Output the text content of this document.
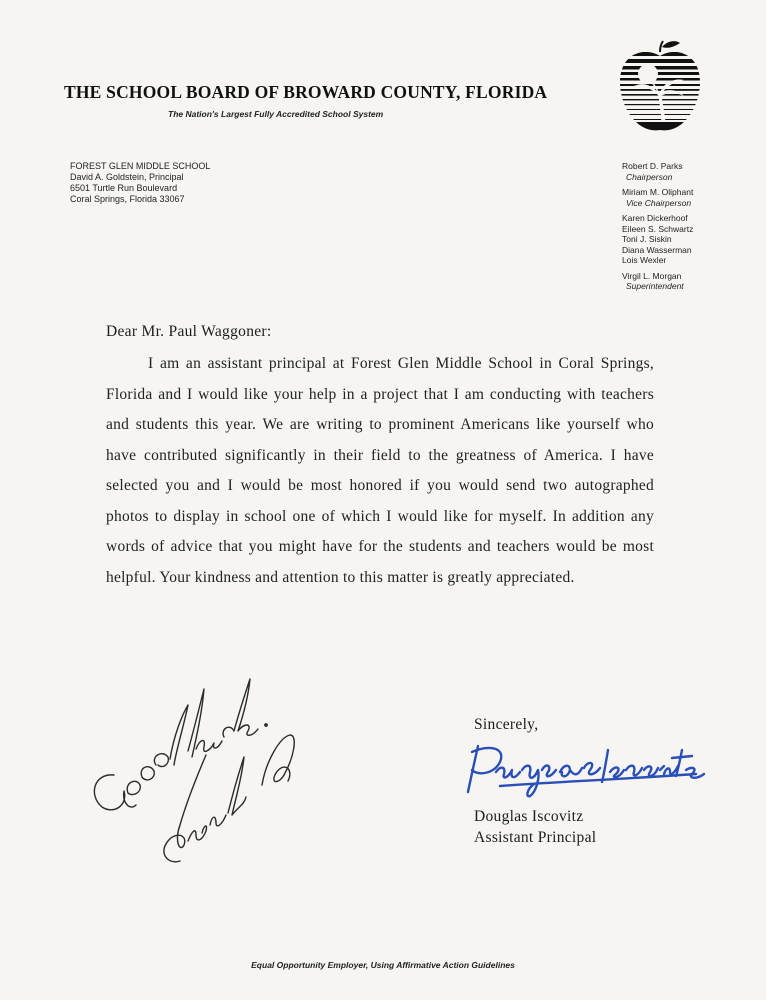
THE SCHOOL BOARD OF BROWARD COUNTY, FLORIDA
The Nation's Largest Fully Accredited School System
FOREST GLEN MIDDLE SCHOOL
David A. Goldstein, Principal
6501 Turtle Run Boulevard
Coral Springs, Florida 33067
Robert D. Parks
Chairperson
Miriam M. Oliphant
Vice Chairperson
Karen Dickerhoof
Eileen S. Schwartz
Toni J. Siskin
Diana Wasserman
Lois Wexler
Virgil L. Morgan
Superintendent
Dear Mr. Paul Waggoner:
I am an assistant principal at Forest Glen Middle School in Coral Springs, Florida and I would like your help in a project that I am conducting with teachers and students this year. We are writing to prominent Americans like yourself who have contributed significantly in their field to the greatness of America. I have selected you and I would be most honored if you would send two autographed photos to display in school one of which I would like for myself. In addition any words of advice that you might have for the students and teachers would be most helpful. Your kindness and attention to this matter is greatly appreciated.
Sincerely,
Douglas Iscovitz
Assistant Principal
Equal Opportunity Employer, Using Affirmative Action Guidelines
